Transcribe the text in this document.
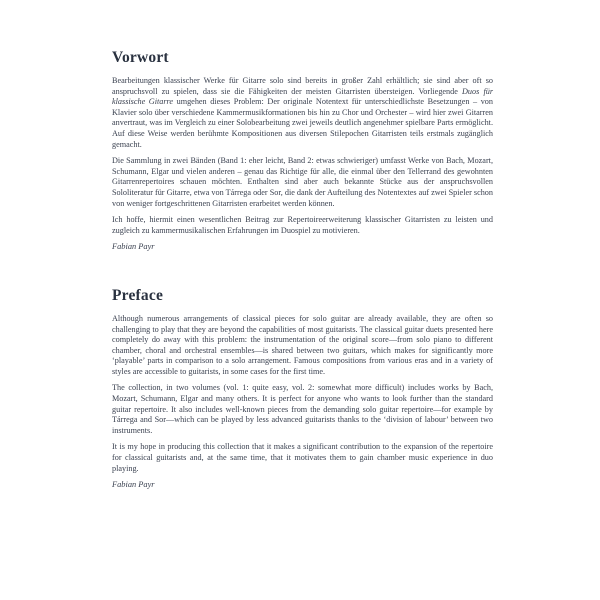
Vorwort

Bearbeitungen klassischer Werke für Gitarre solo sind bereits in großer Zahl erhältlich; sie sind aber oft so anspruchsvoll zu spielen, dass sie die Fähigkeiten der meisten Gitarristen übersteigen. Vorliegende Duos für klassische Gitarre umgehen dieses Problem: Der originale Notentext für unterschiedlichste Besetzungen – von Klavier solo über verschiedene Kammermusikformationen bis hin zu Chor und Orchester – wird hier zwei Gitarren anvertraut, was im Vergleich zu einer Solobearbeitung zwei jeweils deutlich angenehmer spielbare Parts ermöglicht. Auf diese Weise werden berühmte Kompositionen aus diversen Stilepochen Gitarristen teils erstmals zugänglich gemacht.

Die Sammlung in zwei Bänden (Band 1: eher leicht, Band 2: etwas schwieriger) umfasst Werke von Bach, Mozart, Schumann, Elgar und vielen anderen – genau das Richtige für alle, die einmal über den Tellerrand des gewohnten Gitarrenrepertoires schauen möchten. Enthalten sind aber auch bekannte Stücke aus der anspruchsvollen Sololiteratur für Gitarre, etwa von Tárrega oder Sor, die dank der Aufteilung des Notentextes auf zwei Spieler schon von weniger fortgeschrittenen Gitarristen erarbeitet werden können.

Ich hoffe, hiermit einen wesentlichen Beitrag zur Repertoireerweiterung klassischer Gitarristen zu leisten und zugleich zu kammermusikalischen Erfahrungen im Duospiel zu motivieren.

Fabian Payr
Preface

Although numerous arrangements of classical pieces for solo guitar are already available, they are often so challenging to play that they are beyond the capabilities of most guitarists. The classical guitar duets presented here completely do away with this problem: the instrumentation of the original score—from solo piano to different chamber, choral and orchestral ensembles—is shared between two guitars, which makes for significantly more ‘playable’ parts in comparison to a solo arrangement. Famous compositions from various eras and in a variety of styles are accessible to guitarists, in some cases for the first time.

The collection, in two volumes (vol. 1: quite easy, vol. 2: somewhat more difficult) includes works by Bach, Mozart, Schumann, Elgar and many others. It is perfect for anyone who wants to look further than the standard guitar repertoire. It also includes well-known pieces from the demanding solo guitar repertoire—for example by Tárrega and Sor—which can be played by less advanced guitarists thanks to the ‘division of labour’ between two instruments.

It is my hope in producing this collection that it makes a significant contribution to the expansion of the repertoire for classical guitarists and, at the same time, that it motivates them to gain chamber music experience in duo playing.

Fabian Payr
